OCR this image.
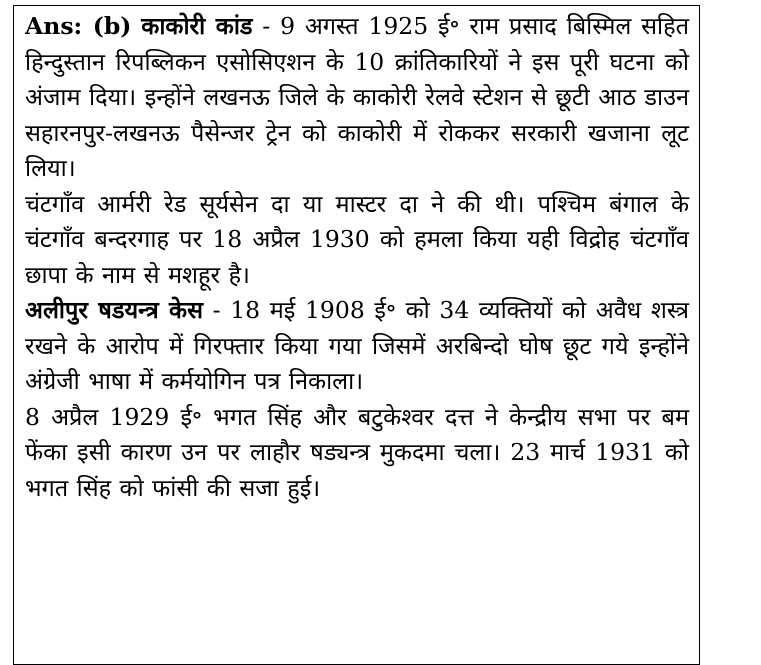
Ans: (b) काकोरी कांड - 9 अगस्त 1925 ई॰ राम प्रसाद बिस्मिल सहित हिन्दुस्तान रिपब्लिकन एसोसिएशन के 10 क्रांतिकारियों ने इस पूरी घटना को अंजाम दिया। इन्होंने लखनऊ जिले के काकोरी रेलवे स्टेशन से छूटी आठ डाउन सहारनपुर-लखनऊ पैसेन्जर ट्रेन को काकोरी में रोककर सरकारी खजाना लूट लिया।

चंटगाँव आर्मरी रेड सूर्यसेन दा या मास्टर दा ने की थी। पश्चिम बंगाल के चंटगाँव बन्दरगाह पर 18 अप्रैल 1930 को हमला किया यही विद्रोह चंटगाँव छापा के नाम से मशहूर है।

अलीपुर षडयन्त्र केस - 18 मई 1908 ई॰ को 34 व्यक्तियों को अवैध शस्त्र रखने के आरोप में गिरफ्तार किया गया जिसमें अरबिन्दो घोष छूट गये इन्होंने अंग्रेजी भाषा में कर्मयोगिन पत्र निकाला।

8 अप्रैल 1929 ई॰ भगत सिंह और बटुकेश्वर दत्त ने केन्द्रीय सभा पर बम फेंका इसी कारण उन पर लाहौर षड्यन्त्र मुकदमा चला। 23 मार्च 1931 को भगत सिंह को फांसी की सजा हुई।
